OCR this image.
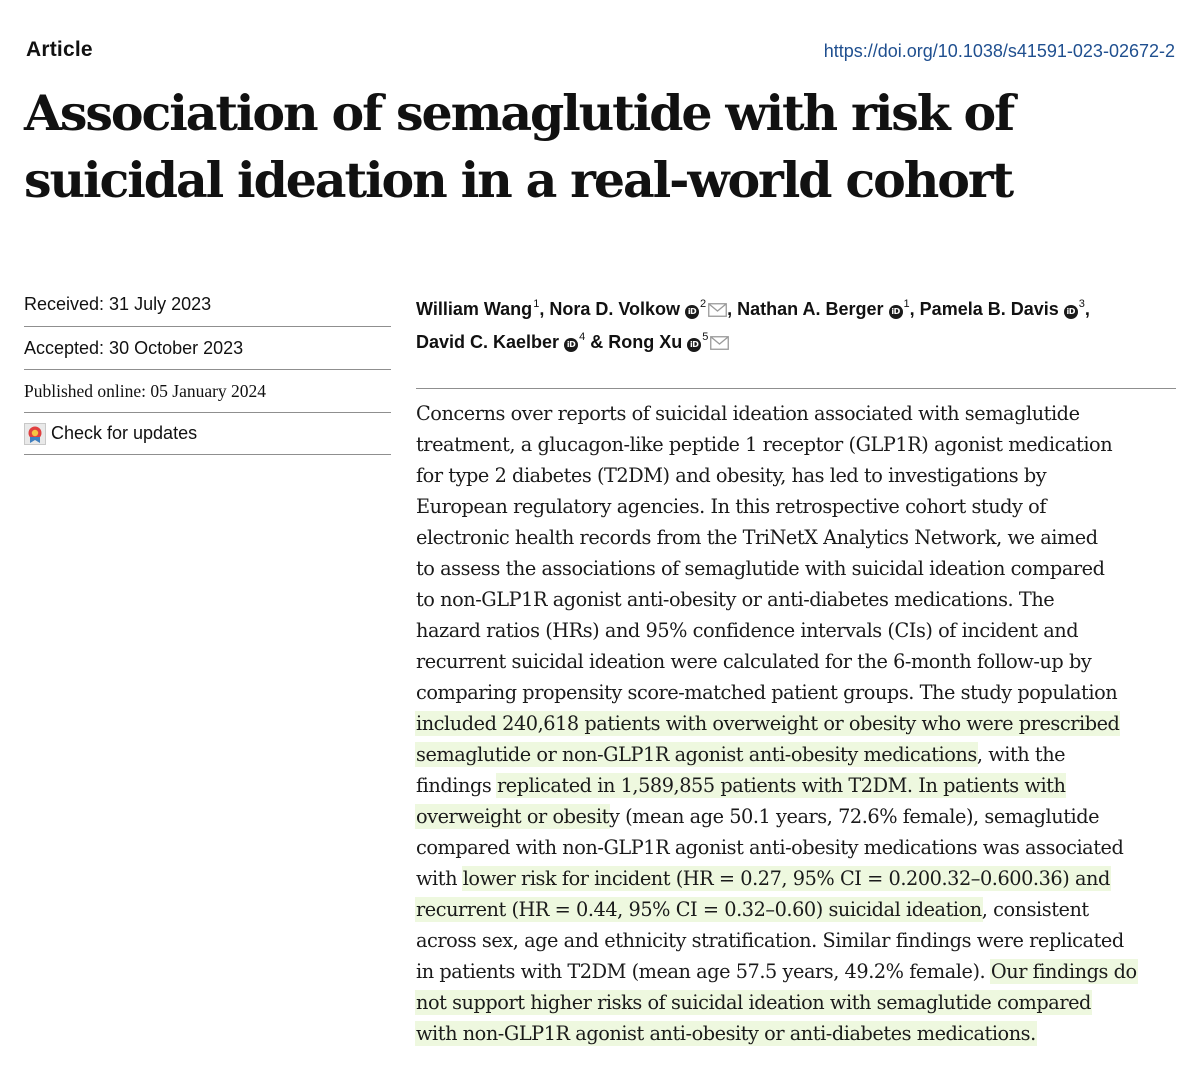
Article	https://doi.org/10.1038/s41591-023-02672-2
Association of semaglutide with risk of
suicidal ideation in a real-world cohort
Received: 31 July 2023
Accepted: 30 October 2023
Published online: 05 January 2024
Check for updates
William Wang$^1$, Nora D. Volkow iD$^2$ , Nathan A. Berger iD$^1$, Pamela B. Davis iD$^3$,
David C. Kaelber iD$^4$ & Rong Xu iD$^5$
Concerns over reports of suicidal ideation associated with semaglutide
treatment, a glucagon-like peptide 1 receptor (GLP1R) agonist medication
for type 2 diabetes (T2DM) and obesity, has led to investigations by
European regulatory agencies. In this retrospective cohort study of
electronic health records from the TriNetX Analytics Network, we aimed
to assess the associations of semaglutide with suicidal ideation compared
to non-GLP1R agonist anti-obesity or anti-diabetes medications. The
hazard ratios (HRs) and 95% confidence intervals (CIs) of incident and
recurrent suicidal ideation were calculated for the 6-month follow-up by
comparing propensity score-matched patient groups. The study population
included 240,618 patients with overweight or obesity who were prescribed
semaglutide or non-GLP1R agonist anti-obesity medications, with the
findings replicated in 1,589,855 patients with T2DM. In patients with
overweight or obesity (mean age 50.1 years, 72.6% female), semaglutide
compared with non-GLP1R agonist anti-obesity medications was associated
with lower risk for incident (HR = 0.27, 95% CI = 0.200.32–0.600.36) and
recurrent (HR = 0.44, 95% CI = 0.32–0.60) suicidal ideation, consistent
across sex, age and ethnicity stratification. Similar findings were replicated
in patients with T2DM (mean age 57.5 years, 49.2% female). Our findings do
not support higher risks of suicidal ideation with semaglutide compared
with non-GLP1R agonist anti-obesity or anti-diabetes medications.
